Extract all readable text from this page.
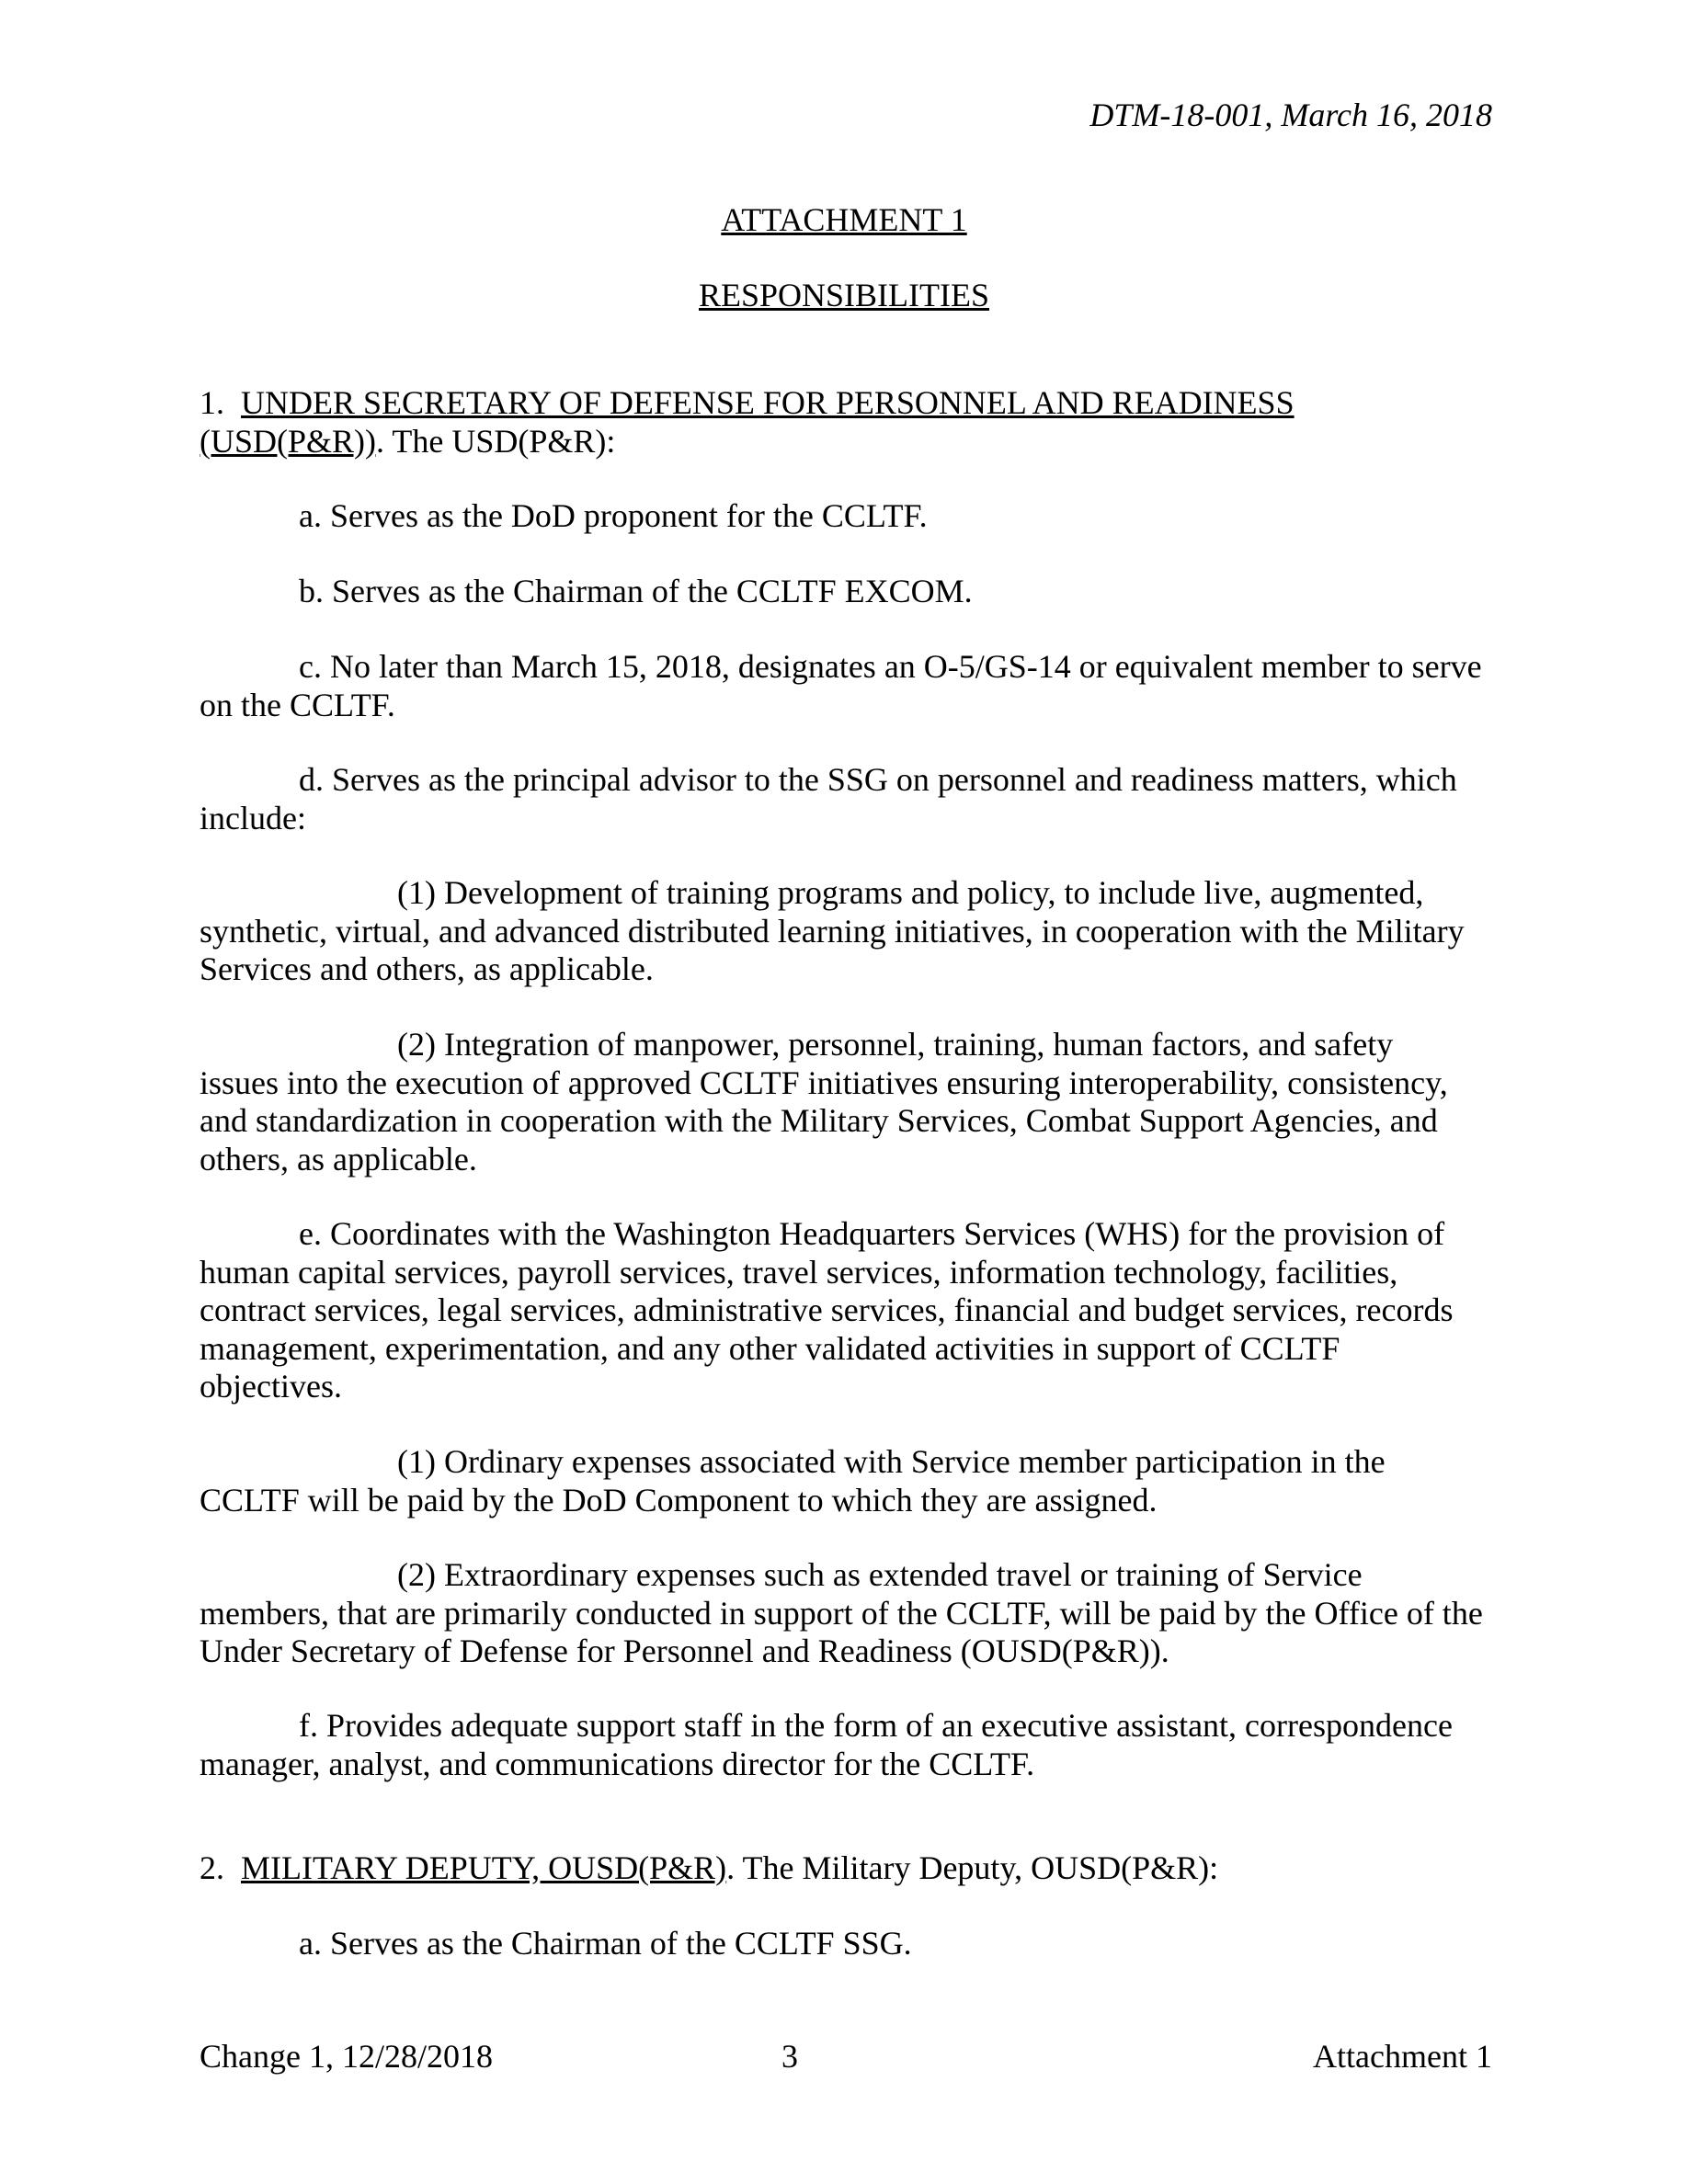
DTM-18-001, March 16, 2018
ATTACHMENT 1
RESPONSIBILITIES
1. UNDER SECRETARY OF DEFENSE FOR PERSONNEL AND READINESS
(USD(P&R)). The USD(P&R):
a. Serves as the DoD proponent for the CCLTF.
b. Serves as the Chairman of the CCLTF EXCOM.
c. No later than March 15, 2018, designates an O-5/GS-14 or equivalent member to serve
on the CCLTF.
d. Serves as the principal advisor to the SSG on personnel and readiness matters, which
include:
(1) Development of training programs and policy, to include live, augmented,
synthetic, virtual, and advanced distributed learning initiatives, in cooperation with the Military
Services and others, as applicable.
(2) Integration of manpower, personnel, training, human factors, and safety
issues into the execution of approved CCLTF initiatives ensuring interoperability, consistency,
and standardization in cooperation with the Military Services, Combat Support Agencies, and
others, as applicable.
e. Coordinates with the Washington Headquarters Services (WHS) for the provision of
human capital services, payroll services, travel services, information technology, facilities,
contract services, legal services, administrative services, financial and budget services, records
management, experimentation, and any other validated activities in support of CCLTF
objectives.
(1) Ordinary expenses associated with Service member participation in the
CCLTF will be paid by the DoD Component to which they are assigned.
(2) Extraordinary expenses such as extended travel or training of Service
members, that are primarily conducted in support of the CCLTF, will be paid by the Office of the
Under Secretary of Defense for Personnel and Readiness (OUSD(P&R)).
f. Provides adequate support staff in the form of an executive assistant, correspondence
manager, analyst, and communications director for the CCLTF.
2. MILITARY DEPUTY, OUSD(P&R). The Military Deputy, OUSD(P&R):
a. Serves as the Chairman of the CCLTF SSG.
Change 1, 12/28/2018	3	Attachment 1
